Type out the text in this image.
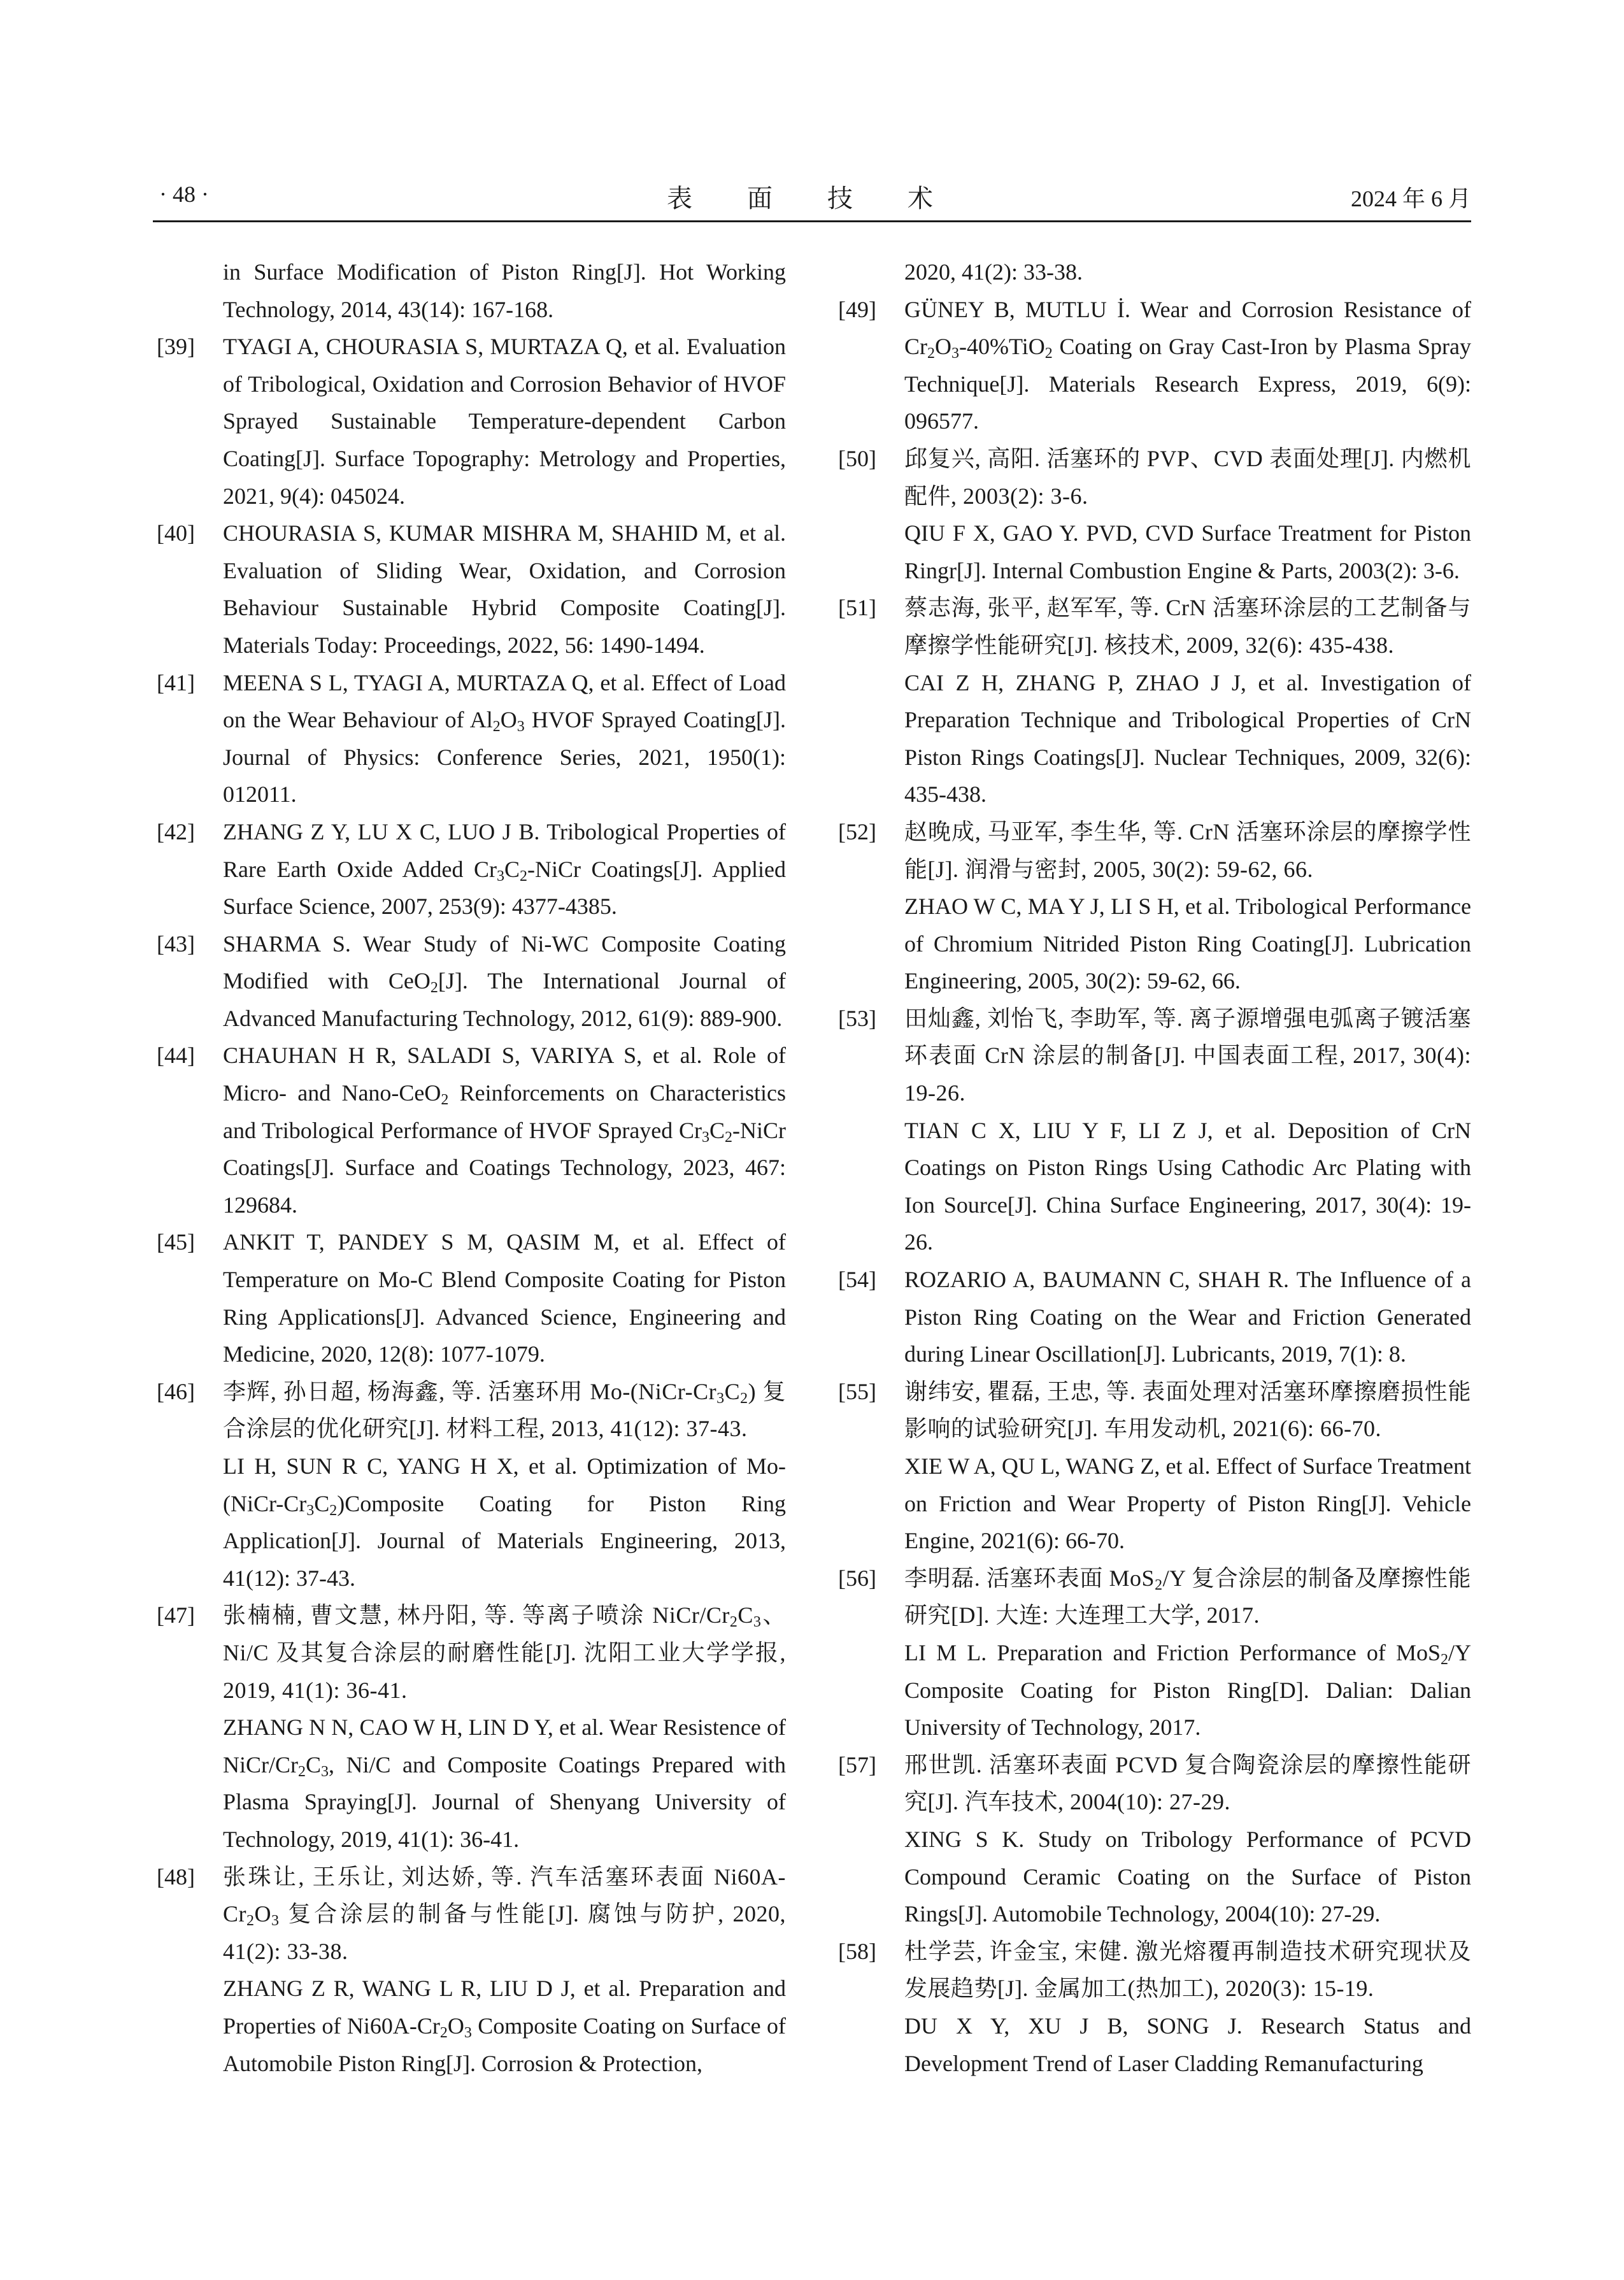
· 48 ·	表 面 技 术	2024 年 6 月

in Surface Modification of Piston Ring[J]. Hot Working Technology, 2014, 43(14): 167-168.

[39] TYAGI A, CHOURASIA S, MURTAZA Q, et al. Evaluation of Tribological, Oxidation and Corrosion Behavior of HVOF Sprayed Sustainable Temperature-dependent Carbon Coating[J]. Surface Topography: Metrology and Properties, 2021, 9(4): 045024.

[40] CHOURASIA S, KUMAR MISHRA M, SHAHID M, et al. Evaluation of Sliding Wear, Oxidation, and Corrosion Behaviour Sustainable Hybrid Composite Coating[J]. Materials Today: Proceedings, 2022, 56: 1490-1494.

[41] MEENA S L, TYAGI A, MURTAZA Q, et al. Effect of Load on the Wear Behaviour of $Al_2O_3$ HVOF Sprayed Coating[J]. Journal of Physics: Conference Series, 2021, 1950(1): 012011.

[42] ZHANG Z Y, LU X C, LUO J B. Tribological Properties of Rare Earth Oxide Added $Cr_3C_2$-NiCr Coatings[J]. Applied Surface Science, 2007, 253(9): 4377-4385.

[43] SHARMA S. Wear Study of Ni-WC Composite Coating Modified with CeO$_2$[J]. The International Journal of Advanced Manufacturing Technology, 2012, 61(9): 889-900.

[44] CHAUHAN H R, SALADI S, VARIYA S, et al. Role of Micro- and Nano-CeO$_2$ Reinforcements on Characteristics and Tribological Performance of HVOF Sprayed $Cr_3C_2$-NiCr Coatings[J]. Surface and Coatings Technology, 2023, 467: 129684.

[45] ANKIT T, PANDEY S M, QASIM M, et al. Effect of Temperature on Mo-C Blend Composite Coating for Piston Ring Applications[J]. Advanced Science, Engineering and Medicine, 2020, 12(8): 1077-1079.

[46] 李辉, 孙日超, 杨海鑫, 等. 活塞环用 $Mo-(NiCr-Cr_3C_2)$ 复合涂层的优化研究[J]. 材料工程, 2013, 41(12): 37-43.

LI H, SUN R C, YANG H X, et al. Optimization of $Mo-(NiCr-Cr_3C_2)Composite$ Coating for Piston Ring Application[J]. Journal of Materials Engineering, 2013, 41(12): 37-43.

[47] 张楠楠, 曹文慧, 林丹阳, 等. 等离子喷涂 NiCr/$Cr_2C_3$、Ni/C 及其复合涂层的耐磨性能[J]. 沈阳工业大学学报, 2019, 41(1): 36-41.

ZHANG N N, CAO W H, LIN D Y, et al. Wear Resistence of NiCr/$Cr_2C_3$, Ni/C and Composite Coatings Prepared with Plasma Spraying[J]. Journal of Shenyang University of Technology, 2019, 41(1): 36-41.

[48] 张珠让, 王乐让, 刘达娇, 等. 汽车活塞环表面 $Ni60A-Cr_2O_3$ 复合涂层的制备与性能[J]. 腐蚀与防护, 2020, 41(2): 33-38.

ZHANG Z R, WANG L R, LIU D J, et al. Preparation and Properties of $Ni60A-Cr_2O_3$ Composite Coating on Surface of Automobile Piston Ring[J]. Corrosion & Protection,

2020, 41(2): 33-38.

[49] GÜNEY B, MUTLU İ. Wear and Corrosion Resistance of $Cr_2O_3-40\%TiO_2$ Coating on Gray Cast-Iron by Plasma Spray Technique[J]. Materials Research Express, 2019, 6(9): 096577.

[50] 邱复兴, 高阳. 活塞环的 PVP、CVD 表面处理[J]. 内燃机配件, 2003(2): 3-6.

QIU F X, GAO Y. PVD, CVD Surface Treatment for Piston Ringr[J]. Internal Combustion Engine & Parts, 2003(2): 3-6.

[51] 蔡志海, 张平, 赵军军, 等. CrN 活塞环涂层的工艺制备与摩擦学性能研究[J]. 核技术, 2009, 32(6): 435-438.

CAI Z H, ZHANG P, ZHAO J J, et al. Investigation of Preparation Technique and Tribological Properties of CrN Piston Rings Coatings[J]. Nuclear Techniques, 2009, 32(6): 435-438.

[52] 赵晚成, 马亚军, 李生华, 等. CrN 活塞环涂层的摩擦学性能[J]. 润滑与密封, 2005, 30(2): 59-62, 66.

ZHAO W C, MA Y J, LI S H, et al. Tribological Performance of Chromium Nitrided Piston Ring Coating[J]. Lubrication Engineering, 2005, 30(2): 59-62, 66.

[53] 田灿鑫, 刘怡飞, 李助军, 等. 离子源增强电弧离子镀活塞环表面 CrN 涂层的制备[J]. 中国表面工程, 2017, 30(4): 19-26.

TIAN C X, LIU Y F, LI Z J, et al. Deposition of CrN Coatings on Piston Rings Using Cathodic Arc Plating with Ion Source[J]. China Surface Engineering, 2017, 30(4): 19-26.

[54] ROZARIO A, BAUMANN C, SHAH R. The Influence of a Piston Ring Coating on the Wear and Friction Generated during Linear Oscillation[J]. Lubricants, 2019, 7(1): 8.

[55] 谢纬安, 瞿磊, 王忠, 等. 表面处理对活塞环摩擦磨损性能影响的试验研究[J]. 车用发动机, 2021(6): 66-70.

XIE W A, QU L, WANG Z, et al. Effect of Surface Treatment on Friction and Wear Property of Piston Ring[J]. Vehicle Engine, 2021(6): 66-70.

[56] 李明磊. 活塞环表面 MoS$_2$/Y 复合涂层的制备及摩擦性能研究[D]. 大连: 大连理工大学, 2017.

LI M L. Preparation and Friction Performance of MoS$_2$/Y Composite Coating for Piston Ring[D]. Dalian: Dalian University of Technology, 2017.

[57] 邢世凯. 活塞环表面 PCVD 复合陶瓷涂层的摩擦性能研究[J]. 汽车技术, 2004(10): 27-29.

XING S K. Study on Tribology Performance of PCVD Compound Ceramic Coating on the Surface of Piston Rings[J]. Automobile Technology, 2004(10): 27-29.

[58] 杜学芸, 许金宝, 宋健. 激光熔覆再制造技术研究现状及发展趋势[J]. 金属加工(热加工), 2020(3): 15-19.

DU X Y, XU J B, SONG J. Research Status and Development Trend of Laser Cladding Remanufacturing
